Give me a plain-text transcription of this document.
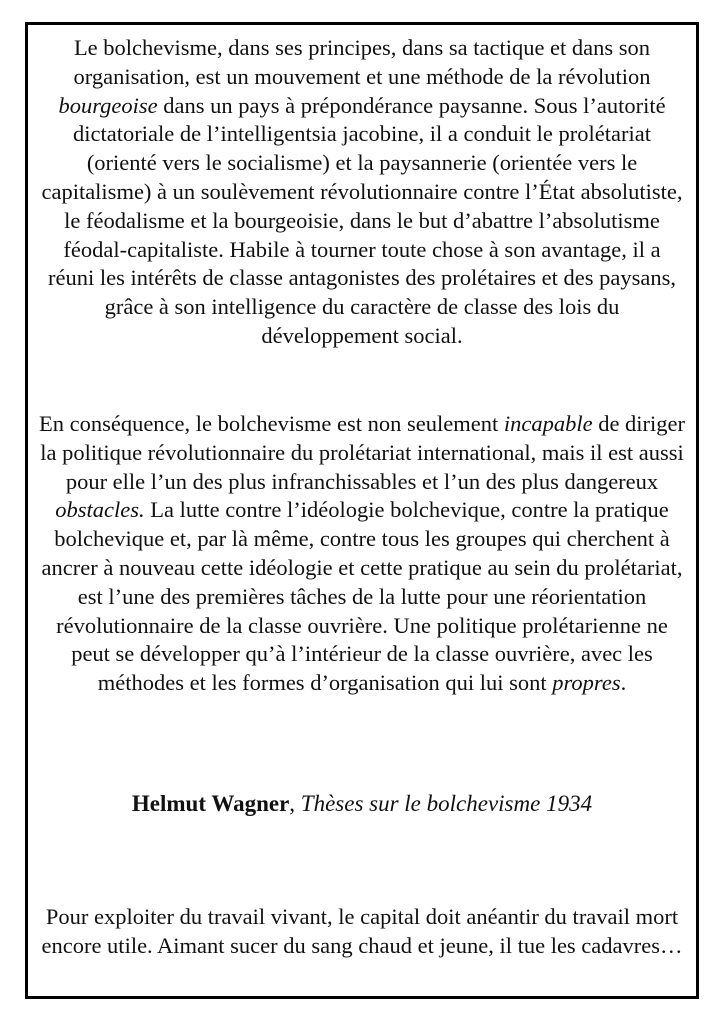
Le bolchevisme, dans ses principes, dans sa tactique et dans son organisation, est un mouvement et une méthode de la révolution bourgeoise dans un pays à prépondérance paysanne. Sous l’autorité dictatoriale de l’intelligentsia jacobine, il a conduit le prolétariat (orienté vers le socialisme) et la paysannerie (orientée vers le capitalisme) à un soulèvement révolutionnaire contre l’État absolutiste, le féodalisme et la bourgeoisie, dans le but d’abattre l’absolutisme féodal-capitaliste. Habile à tourner toute chose à son avantage, il a réuni les intérêts de classe antagonistes des prolétaires et des paysans, grâce à son intelligence du caractère de classe des lois du développement social.

En conséquence, le bolchevisme est non seulement incapable de diriger la politique révolutionnaire du prolétariat international, mais il est aussi pour elle l’un des plus infranchissables et l’un des plus dangereux obstacles. La lutte contre l’idéologie bolchevique, contre la pratique bolchevique et, par là même, contre tous les groupes qui cherchent à ancrer à nouveau cette idéologie et cette pratique au sein du prolétariat, est l’une des premières tâches de la lutte pour une réorientation révolutionnaire de la classe ouvrière. Une politique prolétarienne ne peut se développer qu’à l’intérieur de la classe ouvrière, avec les méthodes et les formes d’organisation qui lui sont propres.

Helmut Wagner, Thèses sur le bolchevisme 1934

Pour exploiter du travail vivant, le capital doit anéantir du travail mort encore utile. Aimant sucer du sang chaud et jeune, il tue les cadavres…
